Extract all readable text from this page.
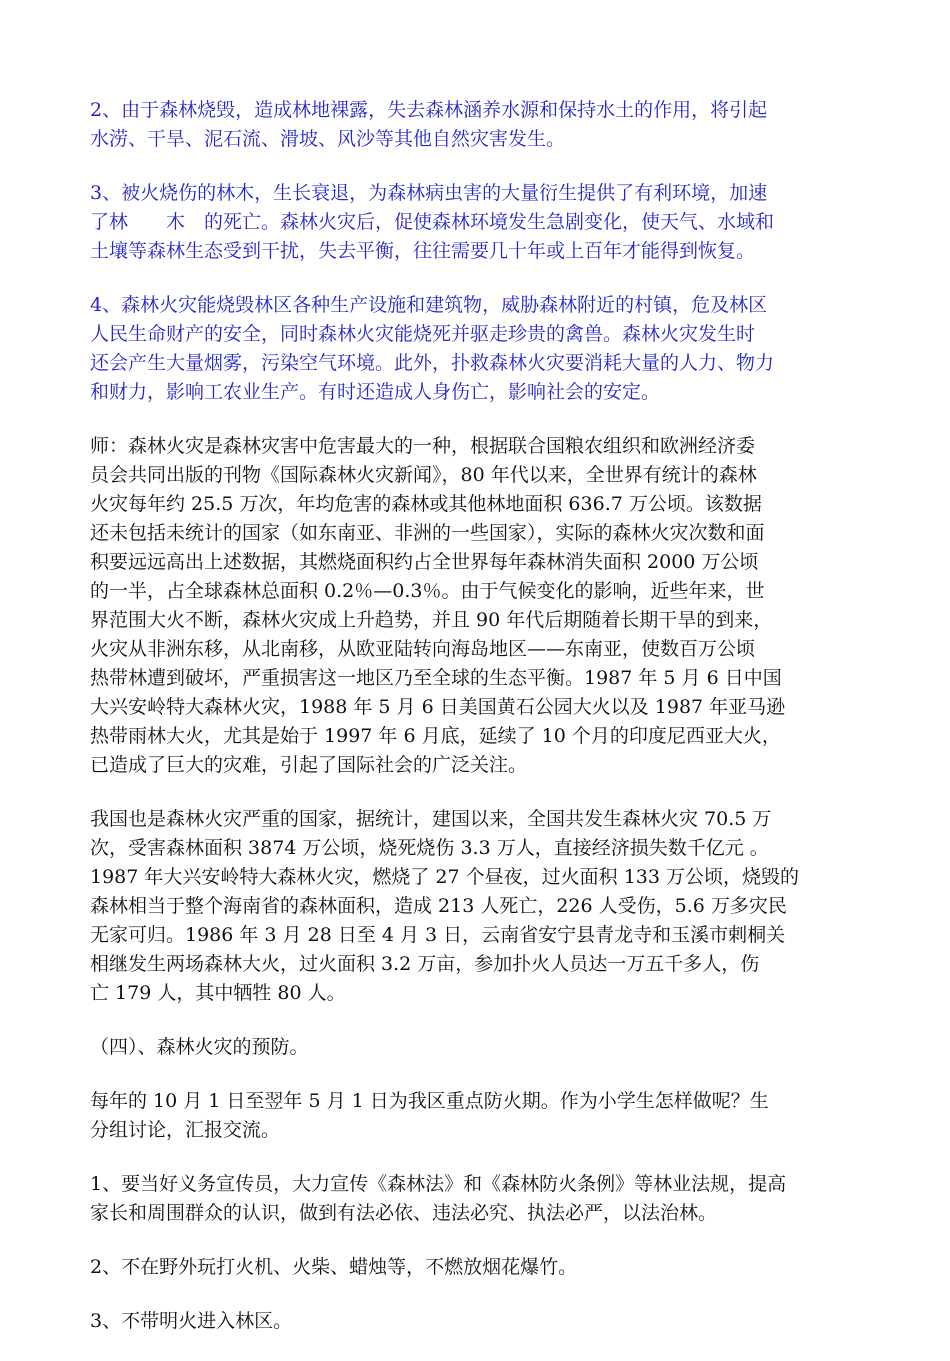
2、由于森林烧毁，造成林地裸露，失去森林涵养水源和保持水土的作用，将引起
水涝、干旱、泥石流、滑坡、风沙等其他自然灾害发生。

3、被火烧伤的林木，生长衰退，为森林病虫害的大量衍生提供了有利环境，加速
了林　　木　的死亡。森林火灾后，促使森林环境发生急剧变化，使天气、水域和
土壤等森林生态受到干扰，失去平衡，往往需要几十年或上百年才能得到恢复。

4、森林火灾能烧毁林区各种生产设施和建筑物，威胁森林附近的村镇，危及林区
人民生命财产的安全，同时森林火灾能烧死并驱走珍贵的禽兽。森林火灾发生时
还会产生大量烟雾，污染空气环境。此外，扑救森林火灾要消耗大量的人力、物力
和财力，影响工农业生产。有时还造成人身伤亡，影响社会的安定。

师：森林火灾是森林灾害中危害最大的一种，根据联合国粮农组织和欧洲经济委
员会共同出版的刊物《国际森林火灾新闻》，80 年代以来，全世界有统计的森林
火灾每年约 25.5 万次，年均危害的森林或其他林地面积 636.7 万公顷。该数据
还未包括未统计的国家（如东南亚、非洲的一些国家），实际的森林火灾次数和面
积要远远高出上述数据，其燃烧面积约占全世界每年森林消失面积 2000 万公顷
的一半，占全球森林总面积 0.2％—0.3％。由于气候变化的影响，近些年来，世
界范围大火不断，森林火灾成上升趋势，并且 90 年代后期随着长期干旱的到来，
火灾从非洲东移，从北南移，从欧亚陆转向海岛地区——东南亚，使数百万公顷
热带林遭到破坏，严重损害这一地区乃至全球的生态平衡。1987 年 5 月 6 日中国
大兴安岭特大森林火灾，1988 年 5 月 6 日美国黄石公园大火以及 1987 年亚马逊
热带雨林大火，尤其是始于 1997 年 6 月底，延续了 10 个月的印度尼西亚大火，
已造成了巨大的灾难，引起了国际社会的广泛关注。

我国也是森林火灾严重的国家，据统计，建国以来，全国共发生森林火灾 70.5 万
次，受害森林面积 3874 万公顷，烧死烧伤 3.3 万人，直接经济损失数千亿元 。
1987 年大兴安岭特大森林火灾，燃烧了 27 个昼夜，过火面积 133 万公顷，烧毁的
森林相当于整个海南省的森林面积，造成 213 人死亡，226 人受伤，5.6 万多灾民
无家可归。1986 年 3 月 28 日至 4 月 3 日，云南省安宁县青龙寺和玉溪市剌桐关
相继发生两场森林大火，过火面积 3.2 万亩，参加扑火人员达一万五千多人，伤
亡 179 人，其中牺牲 80 人。

（四）、森林火灾的预防。

每年的 10 月 1 日至翌年 5 月 1 日为我区重点防火期。作为小学生怎样做呢？生
分组讨论，汇报交流。

1、要当好义务宣传员，大力宣传《森林法》和《森林防火条例》等林业法规，提高
家长和周围群众的认识，做到有法必依、违法必究、执法必严，以法治林。

2、不在野外玩打火机、火柴、蜡烛等，不燃放烟花爆竹。

3、不带明火进入林区。
